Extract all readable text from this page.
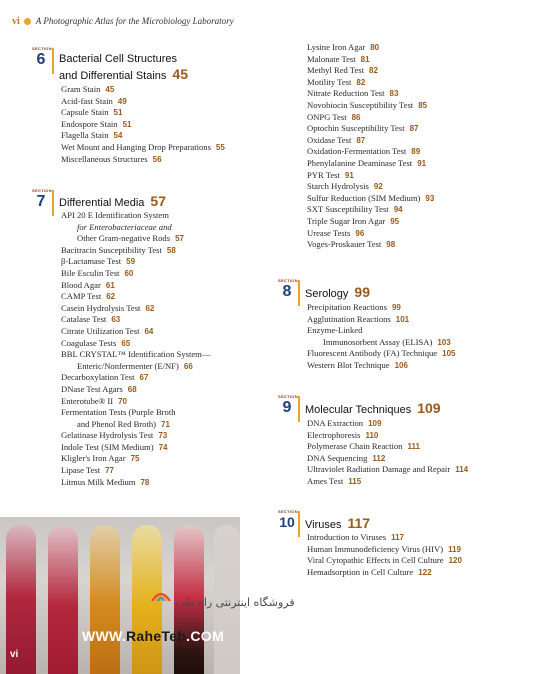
vi A Photographic Atlas for the Microbiology Laboratory
SECTION
6	Bacterial Cell Structures
and Differential Stains 45
Gram Stain 45
Acid-fast Stain 49
Capsule Stain 51
Endospore Stain 51
Flagella Stain 54
Wet Mount and Hanging Drop Preparations 55
Miscellaneous Structures 56
SECTION
7	Differential Media 57
API 20 E Identification System
for Enterobacteriaceae and
Other Gram-negative Rods 57
Bacitracin Susceptibility Test 58
β-Lactamase Test 59
Bile Esculin Test 60
Blood Agar 61
CAMP Test 62
Casein Hydrolysis Test 62
Catalase Test 63
Citrate Utilization Test 64
Coagulase Tests 65
BBL CRYSTAL™ Identification System—
Enteric/Nonfermenter (E/NF) 66
Decarboxylation Test 67
DNase Test Agars 68
Enterotube® II 70
Fermentation Tests (Purple Broth
and Phenol Red Broth) 71
Gelatinase Hydrolysis Test 73
Indole Test (SIM Medium) 74
Kligler's Iron Agar 75
Lipase Test 77
Litmus Milk Medium 78
Lysine Iron Agar 80
Malonate Test 81
Methyl Red Test 82
Motility Test 82
Nitrate Reduction Test 83
Novobiocin Susceptibility Test 85
ONPG Test 86
Optochin Susceptibility Test 87
Oxidase Test 87
Oxidation-Fermentation Test 89
Phenylalanine Deaminase Test 91
PYR Test 91
Starch Hydrolysis 92
Sulfur Reduction (SIM Medium) 93
SXT Susceptibility Test 94
Triple Sugar Iron Agar 95
Urease Tests 96
Voges-Proskauer Test 98
SECTION
8	Serology 99
Precipitation Reactions 99
Agglutination Reactions 101
Enzyme-Linked
Immunosorbent Assay (ELISA) 103
Fluorescent Antibody (FA) Technique 105
Western Blot Technique 106
SECTION
9	Molecular Techniques 109
DNA Extraction 109
Electrophoresis 110
Polymerase Chain Reaction 111
DNA Sequencing 112
Ultraviolet Radiation Damage and Repair 114
Ames Test 115
SECTION
10 Viruses 117
Introduction to Viruses 117
Human Immunodeficiency Virus (HIV) 119
Viral Cytopathic Effects in Cell Culture 120
Hemadsorption in Cell Culture 122
vi
فروشگاه اینترنتی راه طب
WWW.RaheTeb.COM
